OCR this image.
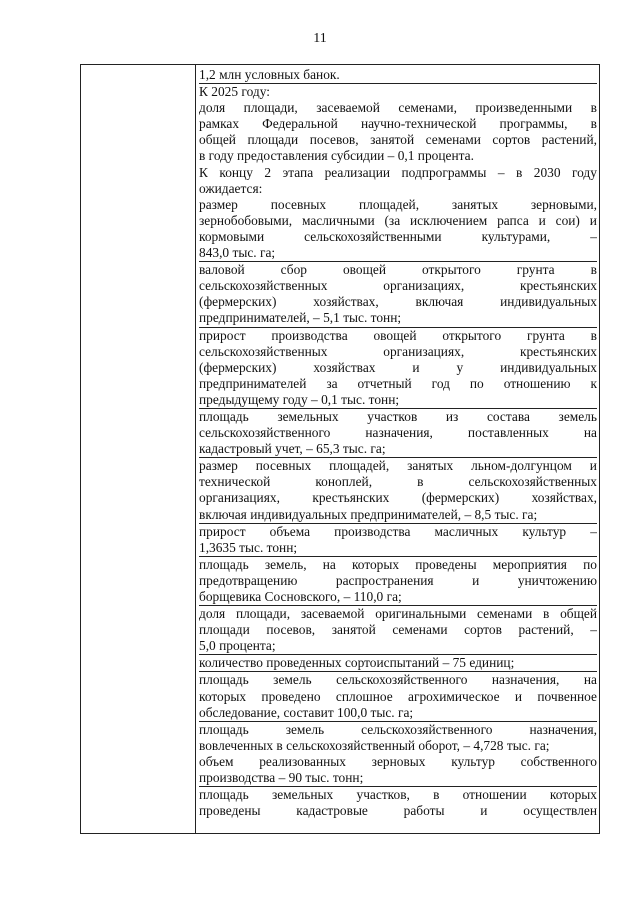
11
1,2 млн условных банок.
К 2025 году:
доля площади, засеваемой семенами, произведенными в
рамках Федеральной научно-технической программы, в
общей площади посевов, занятой семенами сортов растений,
в году предоставления субсидии – 0,1 процента.
К концу 2 этапа реализации подпрограммы – в 2030 году
ожидается:
размер посевных площадей, занятых зерновыми,
зернобобовыми, масличными (за исключением рапса и сои) и
кормовыми	сельскохозяйственными	культурами,	–
843,0 тыс. га;
валовой	сбор	овощей	открытого	грунта	в
сельскохозяйственных	организациях,	крестьянских
(фермерских)	хозяйствах,	включая	индивидуальных
предпринимателей, – 5,1 тыс. тонн;
прирост производства овощей открытого грунта в
сельскохозяйственных	организациях,	крестьянских
(фермерских)	хозяйствах	и	у	индивидуальных
предпринимателей за отчетный год по отношению к
предыдущему году – 0,1 тыс. тонн;
площадь земельных участков из состава земель
сельскохозяйственного	назначения,	поставленных	на
кадастровый учет, – 65,3 тыс. га;
размер посевных площадей, занятых льном-долгунцом и
технической	коноплей,	в	сельскохозяйственных
организациях, крестьянских (фермерских) хозяйствах,
включая индивидуальных предпринимателей, – 8,5 тыс. га;
прирост объема производства масличных культур –
1,3635 тыс. тонн;
площадь земель, на которых проведены мероприятия по
предотвращению	распространения	и	уничтожению
борщевика Сосновского, – 110,0 га;
доля площади, засеваемой оригинальными семенами в общей
площади посевов, занятой семенами сортов растений, –
5,0 процента;
количество проведенных сортоиспытаний – 75 единиц;
площадь земель сельскохозяйственного назначения, на
которых проведено сплошное агрохимическое и почвенное
обследование, составит 100,0 тыс. га;
площадь	земель	сельскохозяйственного	назначения,
вовлеченных в сельскохозяйственный оборот, – 4,728 тыс. га;
объем реализованных зерновых культур собственного
производства – 90 тыс. тонн;
площадь земельных участков, в отношении которых
проведены	кадастровые	работы	и	осуществлен
